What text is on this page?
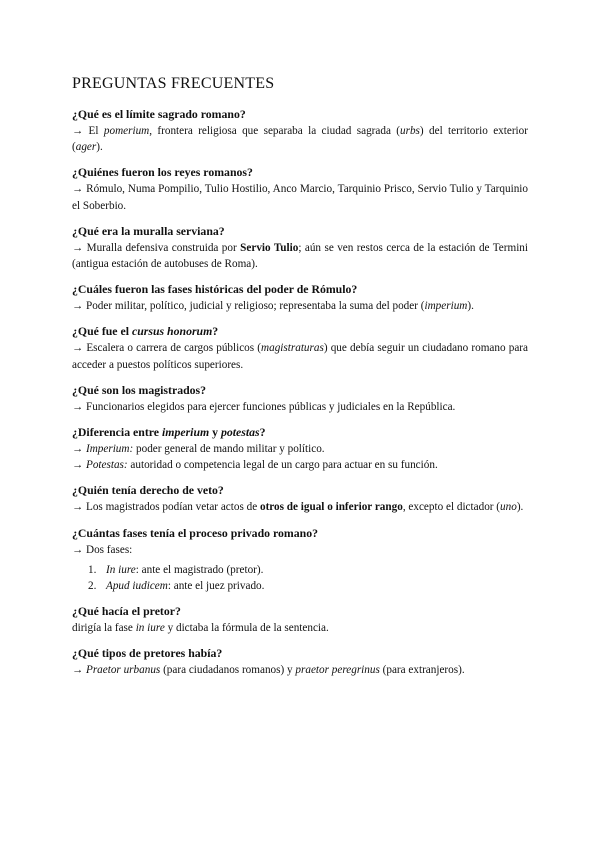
PREGUNTAS FRECUENTES

¿Qué es el límite sagrado romano?

→ El pomerium, frontera religiosa que separaba la ciudad sagrada (urbs) del territorio exterior (ager).

¿Quiénes fueron los reyes romanos?

→ Rómulo, Numa Pompilio, Tulio Hostilio, Anco Marcio, Tarquinio Prisco, Servio Tulio y Tarquinio el Soberbio.

¿Qué era la muralla serviana?

→ Muralla defensiva construida por Servio Tulio; aún se ven restos cerca de la estación de Termini (antigua estación de autobuses de Roma).

¿Cuáles fueron las fases históricas del poder de Rómulo?

→ Poder militar, político, judicial y religioso; representaba la suma del poder (imperium).

¿Qué fue el cursus honorum?

→ Escalera o carrera de cargos públicos (magistraturas) que debía seguir un ciudadano romano para acceder a puestos políticos superiores.

¿Qué son los magistrados?

→ Funcionarios elegidos para ejercer funciones públicas y judiciales en la República.

¿Diferencia entre imperium y potestas?

→ Imperium: poder general de mando militar y político.

→ Potestas: autoridad o competencia legal de un cargo para actuar en su función.

¿Quién tenía derecho de veto?

→ Los magistrados podían vetar actos de otros de igual o inferior rango, excepto el dictador (uno).

¿Cuántas fases tenía el proceso privado romano?

→ Dos fases:

1. In iure: ante el magistrado (pretor).
2. Apud iudicem: ante el juez privado.

¿Qué hacía el pretor?

dirigía la fase in iure y dictaba la fórmula de la sentencia.

¿Qué tipos de pretores había?

→ Praetor urbanus (para ciudadanos romanos) y praetor peregrinus (para extranjeros).
